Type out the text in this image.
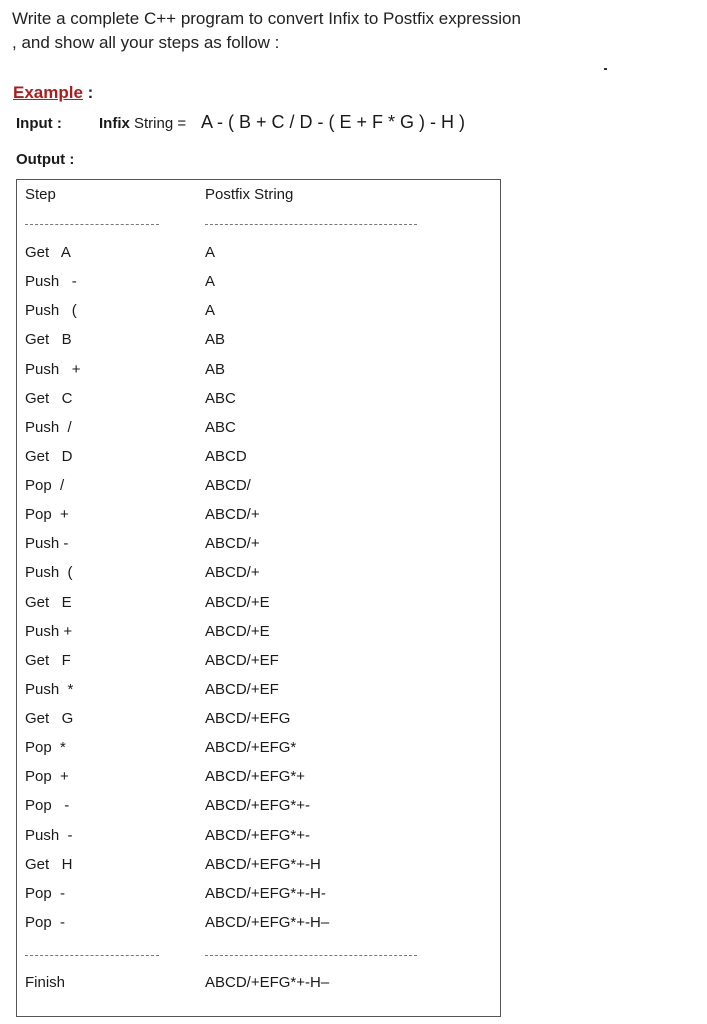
Write a complete C++ program to convert Infix to Postfix expression
, and show all your steps as follow :
Example :
Input : Infix String = A - ( B + C / D - ( E + F * G ) - H )
Output :
Step	Postfix String
Get   A	A
Push   -	A
Push   (	A
Get   B	AB
Push   +	AB
Get   C	ABC
Push  /	ABC
Get   D	ABCD
Pop  /	ABCD/
Pop  +	ABCD/+
Push -	ABCD/+
Push  (	ABCD/+
Get   E	ABCD/+E
Push +	ABCD/+E
Get   F	ABCD/+EF
Push  *	ABCD/+EF
Get   G	ABCD/+EFG
Pop  *	ABCD/+EFG*
Pop  +	ABCD/+EFG*+
Pop   -	ABCD/+EFG*+-
Push  -	ABCD/+EFG*+-
Get   H	ABCD/+EFG*+-H
Pop  -	ABCD/+EFG*+-H-
Pop  -	ABCD/+EFG*+-H–
Finish	ABCD/+EFG*+-H–
